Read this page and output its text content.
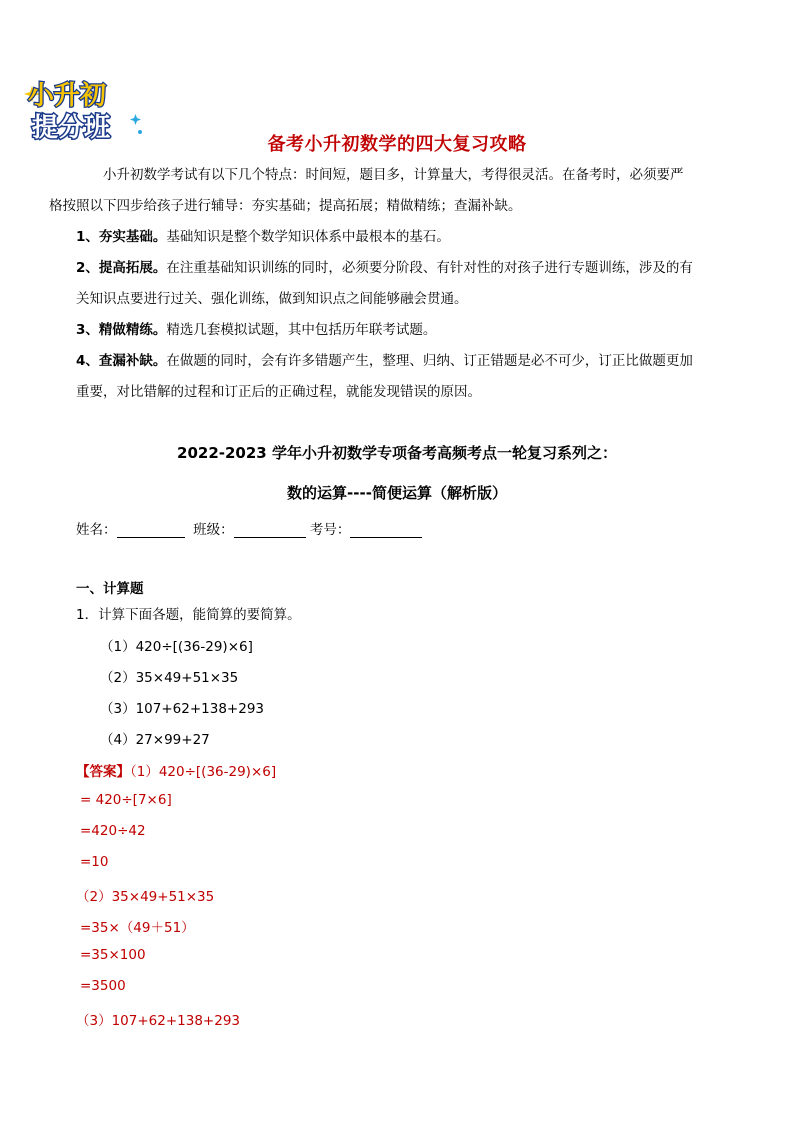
小升初
提分班
备考小升初数学的四大复习攻略
小升初数学考试有以下几个特点：时间短，题目多，计算量大，考得很灵活。在备考时，必须要严
格按照以下四步给孩子进行辅导：夯实基础；提高拓展；精做精练；查漏补缺。
1、夯实基础。基础知识是整个数学知识体系中最根本的基石。
2、提高拓展。在注重基础知识训练的同时，必须要分阶段、有针对性的对孩子进行专题训练，涉及的有
关知识点要进行过关、强化训练，做到知识点之间能够融会贯通。
3、精做精练。精选几套模拟试题，其中包括历年联考试题。
4、查漏补缺。在做题的同时，会有许多错题产生，整理、归纳、订正错题是必不可少，订正比做题更加
重要，对比错解的过程和订正后的正确过程，就能发现错误的原因。
2022-2023 学年小升初数学专项备考高频考点一轮复习系列之：
数的运算----简便运算（解析版）
姓名：	班级：	考号：
一、计算题
1．计算下面各题，能简算的要简算。
（1）420÷[(36-29)×6]
（2）35×49+51×35
（3）107+62+138+293
（4）27×99+27
【答案】（1）420÷[(36-29)×6]
= 420÷[7×6]
=420÷42
=10
（2）35×49+51×35
=35×（49＋51）
=35×100
=3500
（3）107+62+138+293
